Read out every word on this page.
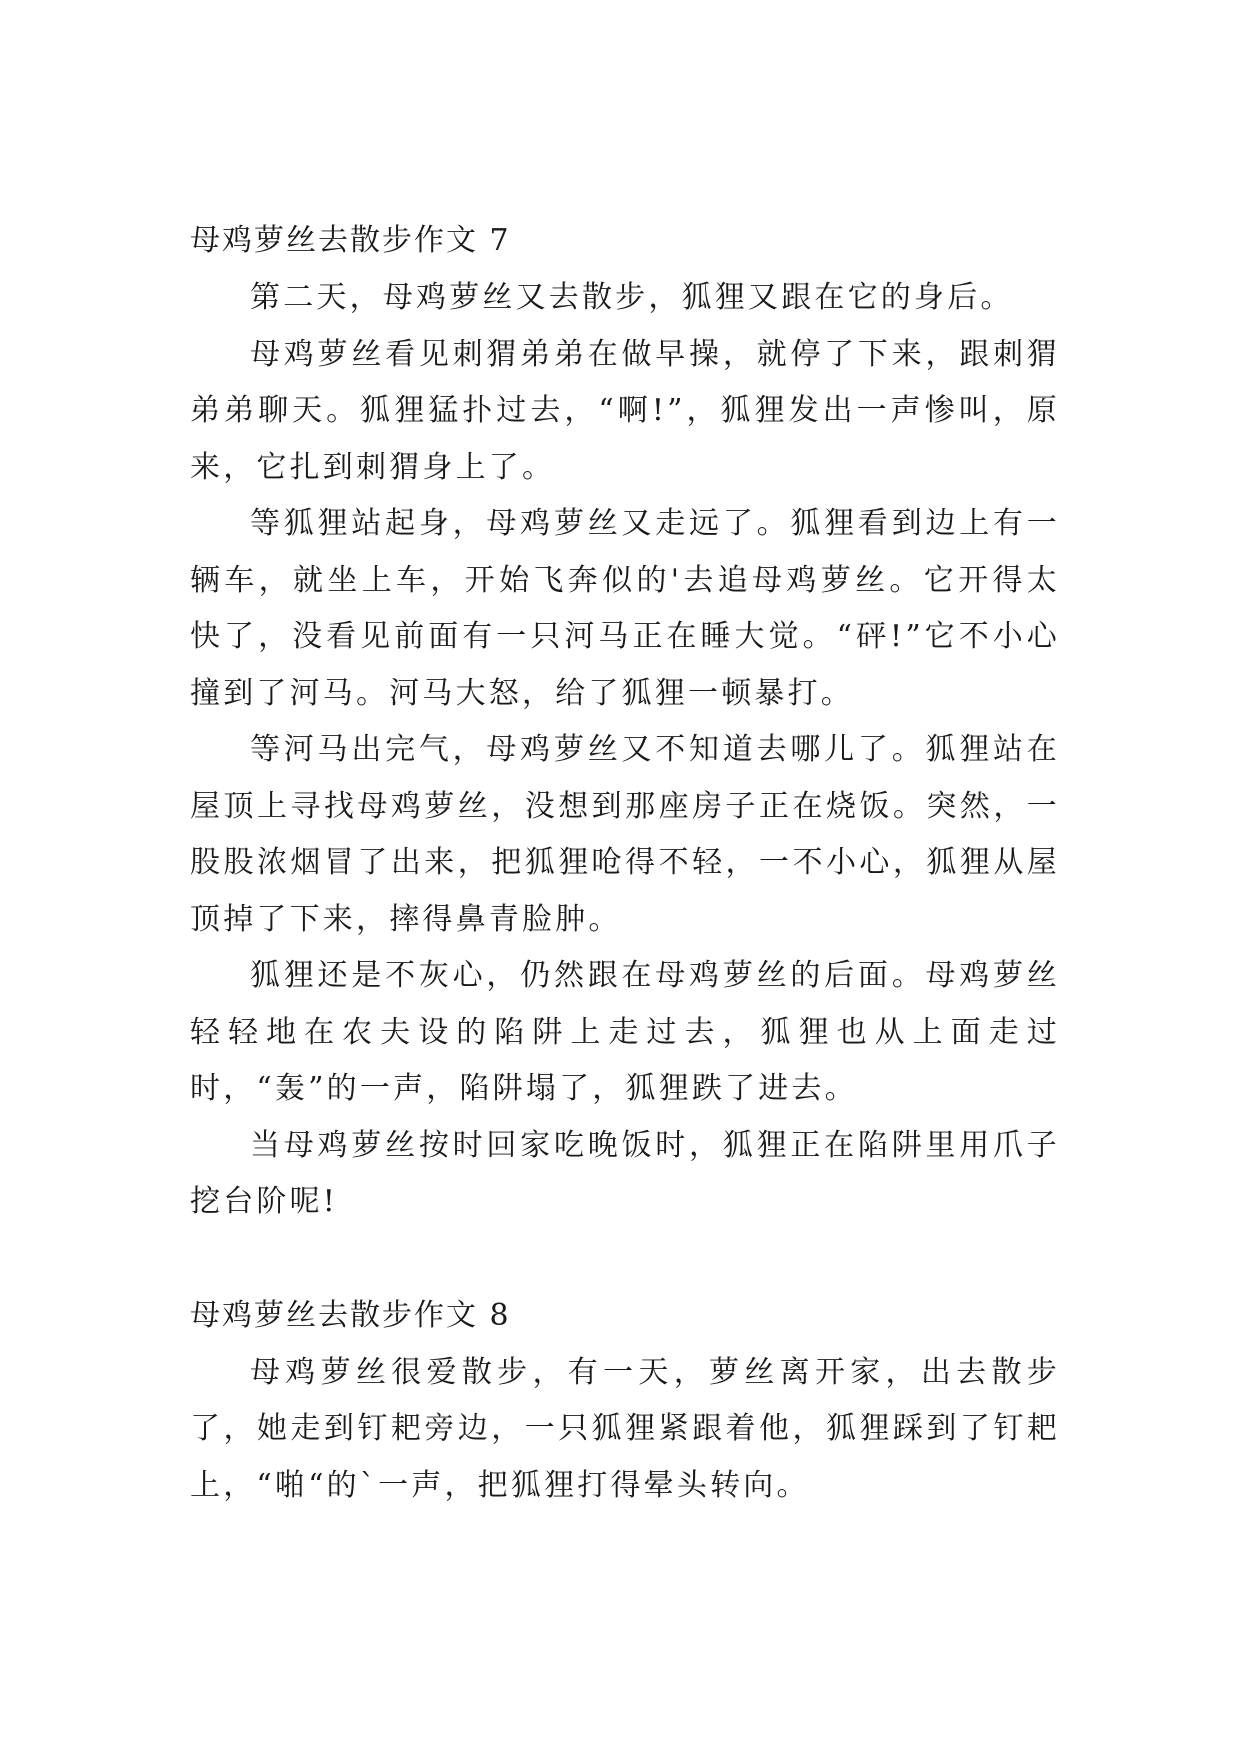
母鸡萝丝去散步作文 7

第二天，母鸡萝丝又去散步，狐狸又跟在它的身后。

母鸡萝丝看见刺猬弟弟在做早操，就停了下来，跟刺猬弟弟聊天。狐狸猛扑过去，“啊!”，狐狸发出一声惨叫，原来，它扎到刺猬身上了。

等狐狸站起身，母鸡萝丝又走远了。狐狸看到边上有一辆车，就坐上车，开始飞奔似的'去追母鸡萝丝。它开得太快了，没看见前面有一只河马正在睡大觉。“砰!”它不小心撞到了河马。河马大怒，给了狐狸一顿暴打。

等河马出完气，母鸡萝丝又不知道去哪儿了。狐狸站在屋顶上寻找母鸡萝丝，没想到那座房子正在烧饭。突然，一股股浓烟冒了出来，把狐狸呛得不轻，一不小心，狐狸从屋顶掉了下来，摔得鼻青脸肿。

狐狸还是不灰心，仍然跟在母鸡萝丝的后面。母鸡萝丝轻轻地在农夫设的陷阱上走过去，狐狸也从上面走过时，“轰”的一声，陷阱塌了，狐狸跌了进去。

当母鸡萝丝按时回家吃晚饭时，狐狸正在陷阱里用爪子挖台阶呢!

母鸡萝丝去散步作文 8

母鸡萝丝很爱散步，有一天，萝丝离开家，出去散步了，她走到钉耙旁边，一只狐狸紧跟着他，狐狸踩到了钉耙上，“啪“的`一声，把狐狸打得晕头转向。
